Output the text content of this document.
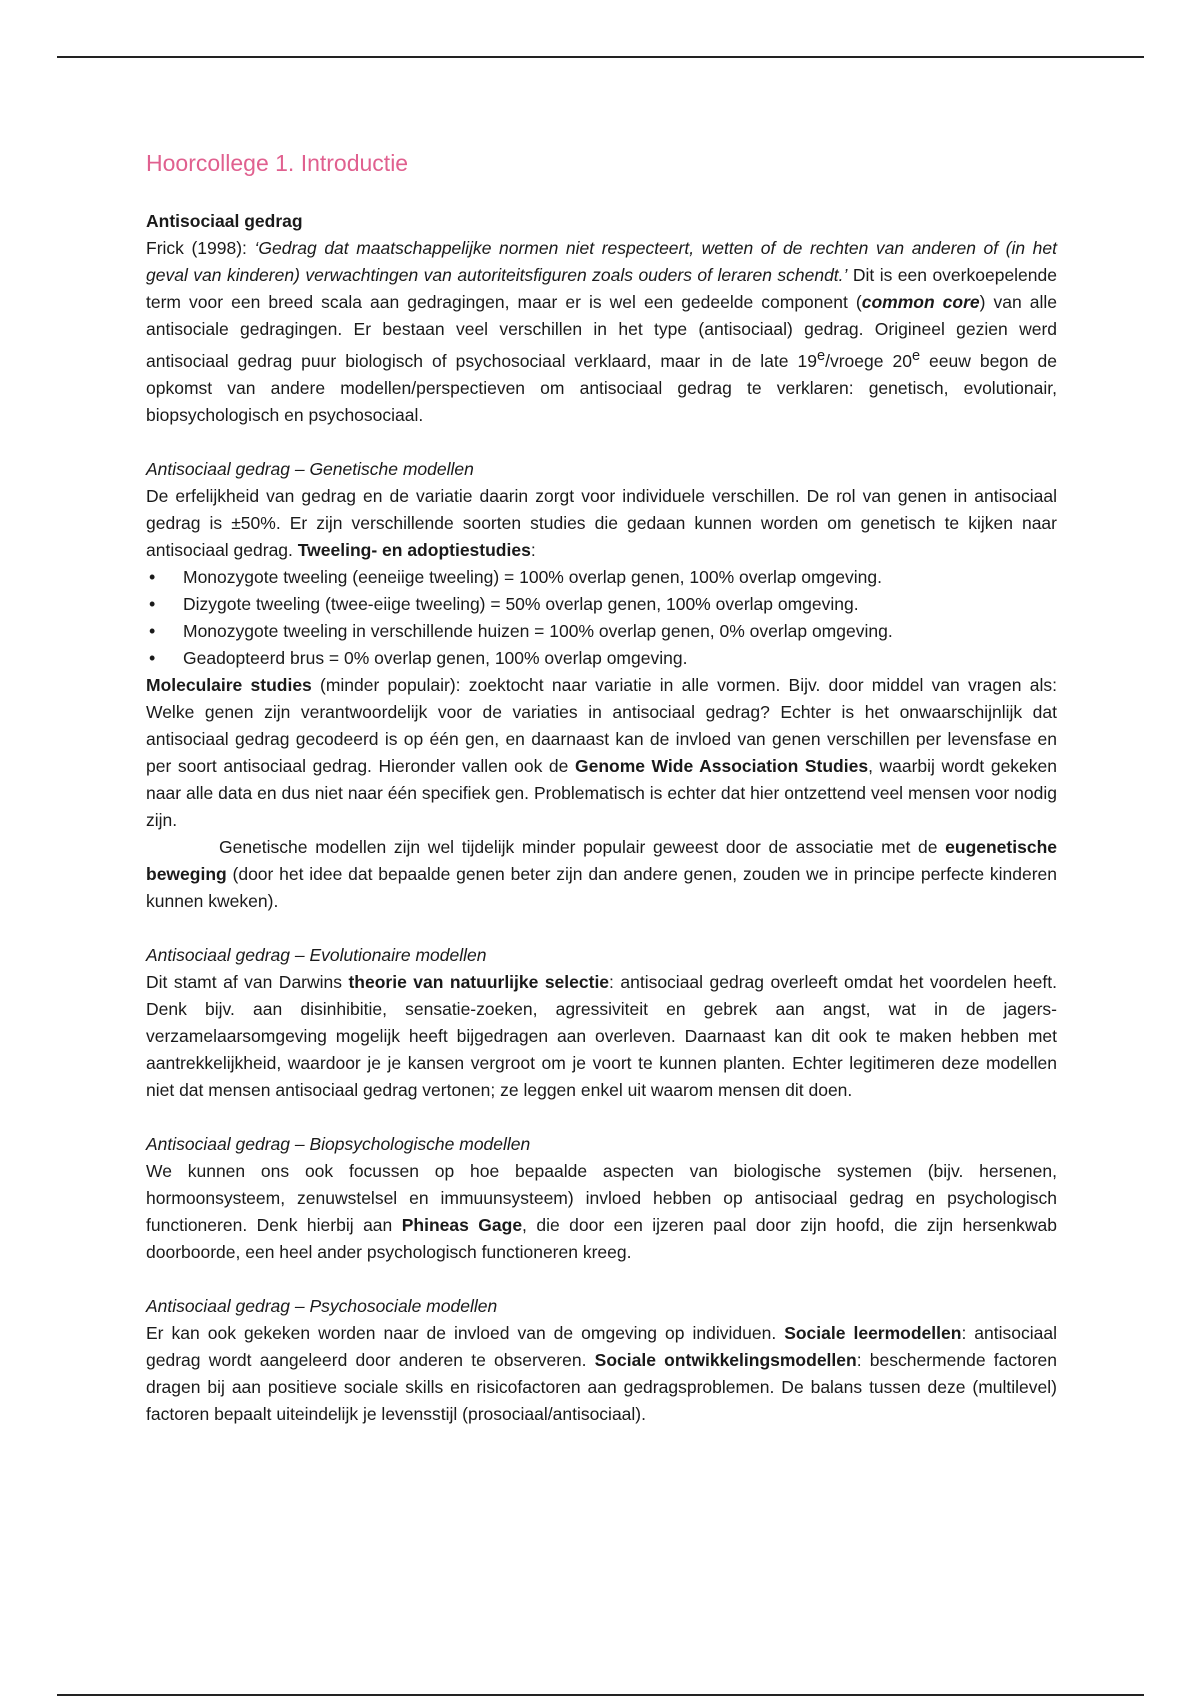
Hoorcollege 1. Introductie
Antisociaal gedrag

Frick (1998): ‘Gedrag dat maatschappelijke normen niet respecteert, wetten of de rechten van anderen of (in het geval van kinderen) verwachtingen van autoriteitsfiguren zoals ouders of leraren schendt.’ Dit is een overkoepelende term voor een breed scala aan gedragingen, maar er is wel een gedeelde component (common core) van alle antisociale gedragingen. Er bestaan veel verschillen in het type (antisociaal) gedrag. Origineel gezien werd antisociaal gedrag puur biologisch of psychosociaal verklaard, maar in de late 19e/vroege 20e eeuw begon de opkomst van andere modellen/perspectieven om antisociaal gedrag te verklaren: genetisch, evolutionair, biopsychologisch en psychosociaal.

Antisociaal gedrag – Genetische modellen

De erfelijkheid van gedrag en de variatie daarin zorgt voor individuele verschillen. De rol van genen in antisociaal gedrag is ±50%. Er zijn verschillende soorten studies die gedaan kunnen worden om genetisch te kijken naar antisociaal gedrag. Tweeling- en adoptiestudies:

• Monozygote tweeling (eeneiige tweeling) = 100% overlap genen, 100% overlap omgeving.
• Dizygote tweeling (twee-eiige tweeling) = 50% overlap genen, 100% overlap omgeving.
• Monozygote tweeling in verschillende huizen = 100% overlap genen, 0% overlap omgeving.
• Geadopteerd brus = 0% overlap genen, 100% overlap omgeving.

Moleculaire studies (minder populair): zoektocht naar variatie in alle vormen. Bijv. door middel van vragen als: Welke genen zijn verantwoordelijk voor de variaties in antisociaal gedrag? Echter is het onwaarschijnlijk dat antisociaal gedrag gecodeerd is op één gen, en daarnaast kan de invloed van genen verschillen per levensfase en per soort antisociaal gedrag. Hieronder vallen ook de Genome Wide Association Studies, waarbij wordt gekeken naar alle data en dus niet naar één specifiek gen. Problematisch is echter dat hier ontzettend veel mensen voor nodig zijn.

Genetische modellen zijn wel tijdelijk minder populair geweest door de associatie met de eugenetische beweging (door het idee dat bepaalde genen beter zijn dan andere genen, zouden we in principe perfecte kinderen kunnen kweken).

Antisociaal gedrag – Evolutionaire modellen

Dit stamt af van Darwins theorie van natuurlijke selectie: antisociaal gedrag overleeft omdat het voordelen heeft. Denk bijv. aan disinhibitie, sensatie-zoeken, agressiviteit en gebrek aan angst, wat in de jagers-verzamelaarsomgeving mogelijk heeft bijgedragen aan overleven. Daarnaast kan dit ook te maken hebben met aantrekkelijkheid, waardoor je je kansen vergroot om je voort te kunnen planten. Echter legitimeren deze modellen niet dat mensen antisociaal gedrag vertonen; ze leggen enkel uit waarom mensen dit doen.

Antisociaal gedrag – Biopsychologische modellen

We kunnen ons ook focussen op hoe bepaalde aspecten van biologische systemen (bijv. hersenen, hormoonsysteem, zenuwstelsel en immuunsysteem) invloed hebben op antisociaal gedrag en psychologisch functioneren. Denk hierbij aan Phineas Gage, die door een ijzeren paal door zijn hoofd, die zijn hersenkwab doorboorde, een heel ander psychologisch functioneren kreeg.

Antisociaal gedrag – Psychosociale modellen

Er kan ook gekeken worden naar de invloed van de omgeving op individuen. Sociale leermodellen: antisociaal gedrag wordt aangeleerd door anderen te observeren. Sociale ontwikkelingsmodellen: beschermende factoren dragen bij aan positieve sociale skills en risicofactoren aan gedragsproblemen. De balans tussen deze (multilevel) factoren bepaalt uiteindelijk je levensstijl (prosociaal/antisociaal).
